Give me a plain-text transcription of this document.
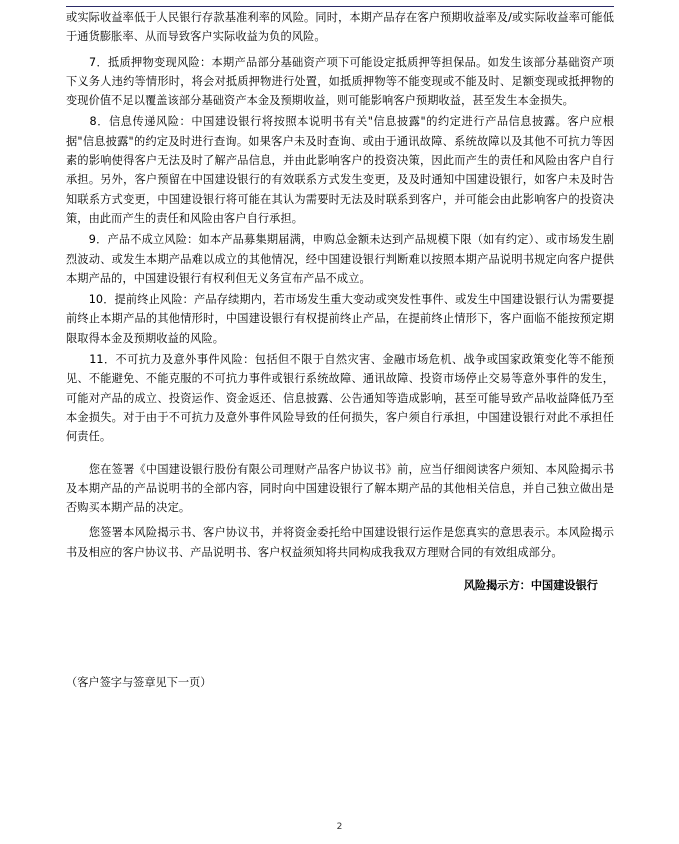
或实际收益率低于人民银行存款基准利率的风险。同时，本期产品存在客户预期收益率及/或实际收益率可能低于通货膨胀率、从而导致客户实际收益为负的风险。

　　7．抵质押物变现风险：本期产品部分基础资产项下可能设定抵质押等担保品。如发生该部分基础资产项下义务人违约等情形时，将会对抵质押物进行处置，如抵质押物等不能变现或不能及时、足额变现或抵押物的变现价值不足以覆盖该部分基础资产本金及预期收益，则可能影响客户预期收益，甚至发生本金损失。

　　8．信息传递风险：中国建设银行将按照本说明书有关"信息披露"的约定进行产品信息披露。客户应根据"信息披露"的约定及时进行查询。如果客户未及时查询、或由于通讯故障、系统故障以及其他不可抗力等因素的影响使得客户无法及时了解产品信息，并由此影响客户的投资决策，因此而产生的责任和风险由客户自行承担。另外，客户预留在中国建设银行的有效联系方式发生变更，及及时通知中国建设银行，如客户未及时告知联系方式变更，中国建设银行将可能在其认为需要时无法及时联系到客户，并可能会由此影响客户的投资决策，由此而产生的责任和风险由客户自行承担。

　　9．产品不成立风险：如本产品募集期届满，申购总金额未达到产品规模下限（如有约定）、或市场发生剧烈波动、或发生本期产品难以成立的其他情况，经中国建设银行判断难以按照本期产品说明书规定向客户提供本期产品的，中国建设银行有权利但无义务宣布产品不成立。

　　10．提前终止风险：产品存续期内，若市场发生重大变动或突发性事件、或发生中国建设银行认为需要提前终止本期产品的其他情形时，中国建设银行有权提前终止产品，在提前终止情形下，客户面临不能按预定期限取得本金及预期收益的风险。

　　11．不可抗力及意外事件风险：包括但不限于自然灾害、金融市场危机、战争或国家政策变化等不能预见、不能避免、不能克服的不可抗力事件或银行系统故障、通讯故障、投资市场停止交易等意外事件的发生，可能对产品的成立、投资运作、资金返还、信息披露、公告通知等造成影响，甚至可能导致产品收益降低乃至本金损失。对于由于不可抗力及意外事件风险导致的任何损失，客户须自行承担，中国建设银行对此不承担任何责任。

　　您在签署《中国建设银行股份有限公司理财产品客户协议书》前，应当仔细阅读客户须知、本风险揭示书及本期产品的产品说明书的全部内容，同时向中国建设银行了解本期产品的其他相关信息，并自己独立做出是否购买本期产品的决定。

　　您签署本风险揭示书、客户协议书，并将资金委托给中国建设银行运作是您真实的意思表示。本风险揭示书及相应的客户协议书、产品说明书、客户权益须知将共同构成我我双方理财合同的有效组成部分。

风险揭示方：中国建设银行

（客户签字与签章见下一页）

2
